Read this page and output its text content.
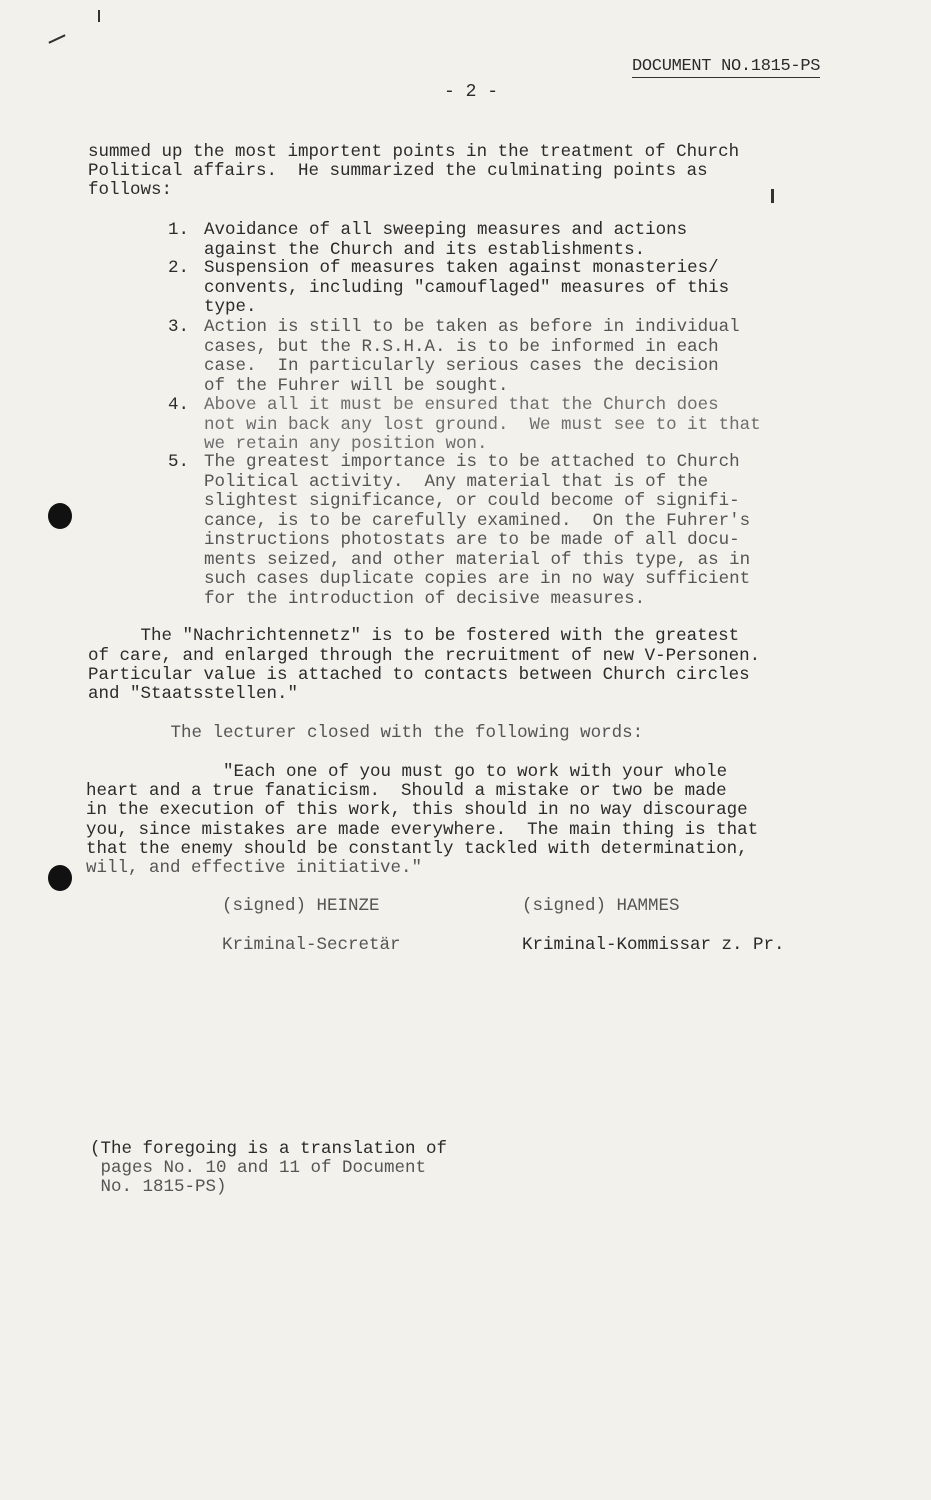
DOCUMENT NO.1815-PS
- 2 -
summed up the most importent points in the treatment of Church
Political affairs.  He summarized the culminating points as
follows:
1. Avoidance of all sweeping measures and actions
against the Church and its establishments.
2. Suspension of measures taken against monasteries/
convents, including "camouflaged" measures of this
type.
3. Action is still to be taken as before in individual
cases, but the R.S.H.A. is to be informed in each
case.  In particularly serious cases the decision
of the Fuhrer will be sought.
4. Above all it must be ensured that the Church does
not win back any lost ground.  We must see to it that
we retain any position won.
5. The greatest importance is to be attached to Church
Political activity.  Any material that is of the
slightest significance, or could become of signifi-
cance, is to be carefully examined.  On the Fuhrer's
instructions photostats are to be made of all docu-
ments seized, and other material of this type, as in
such cases duplicate copies are in no way sufficient
for the introduction of decisive measures.
The "Nachrichtennetz" is to be fostered with the greatest
of care, and enlarged through the recruitment of new V-Personen.
Particular value is attached to contacts between Church circles
and "Staatsstellen."
The lecturer closed with the following words:
"Each one of you must go to work with your whole
heart and a true fanaticism.  Should a mistake or two be made
in the execution of this work, this should in no way discourage
you, since mistakes are made everywhere.  The main thing is that
that the enemy should be constantly tackled with determination,
will, and effective initiative."
(signed) HEINZE	(signed) HAMMES
Kriminal-Secretär	Kriminal-Kommissar z. Pr.
(The foregoing is a translation of
pages No. 10 and 11 of Document
No. 1815-PS)
